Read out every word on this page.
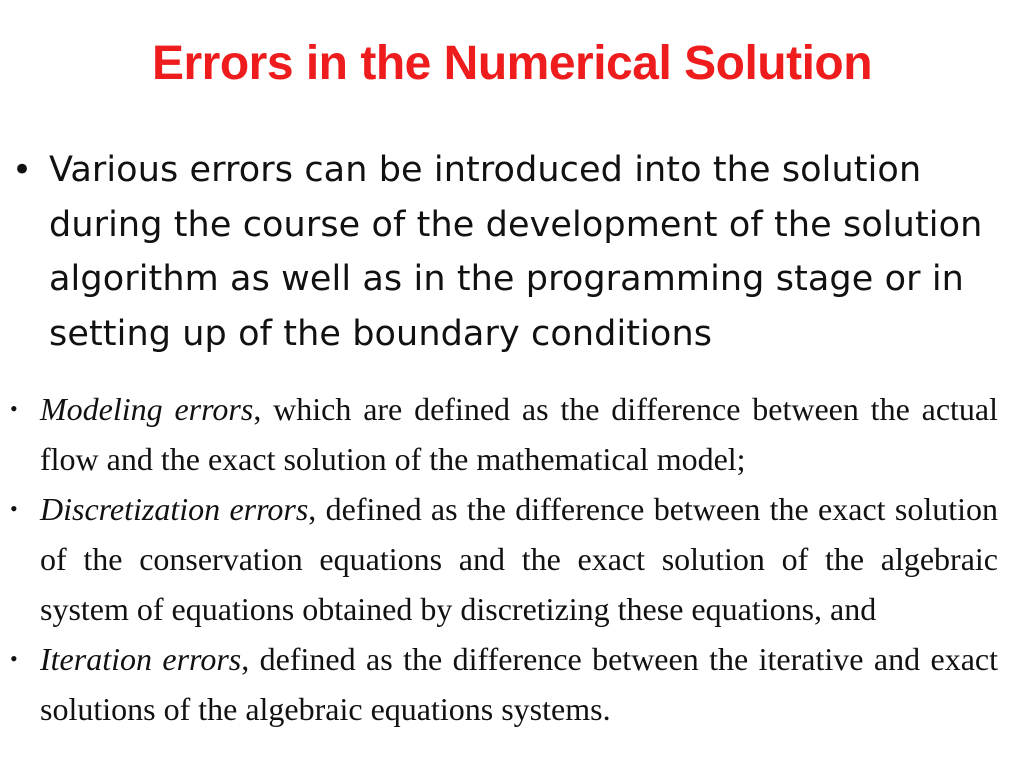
Errors in the Numerical Solution
• Various errors can be introduced into the solution during the course of the development of the solution algorithm as well as in the programming stage or in setting up of the boundary conditions
• Modeling errors, which are defined as the difference between the actual flow and the exact solution of the mathematical model;
• Discretization errors, defined as the difference between the exact solution of the conservation equations and the exact solution of the algebraic system of equations obtained by discretizing these equations, and
• Iteration errors, defined as the difference between the iterative and exact solutions of the algebraic equations systems.
